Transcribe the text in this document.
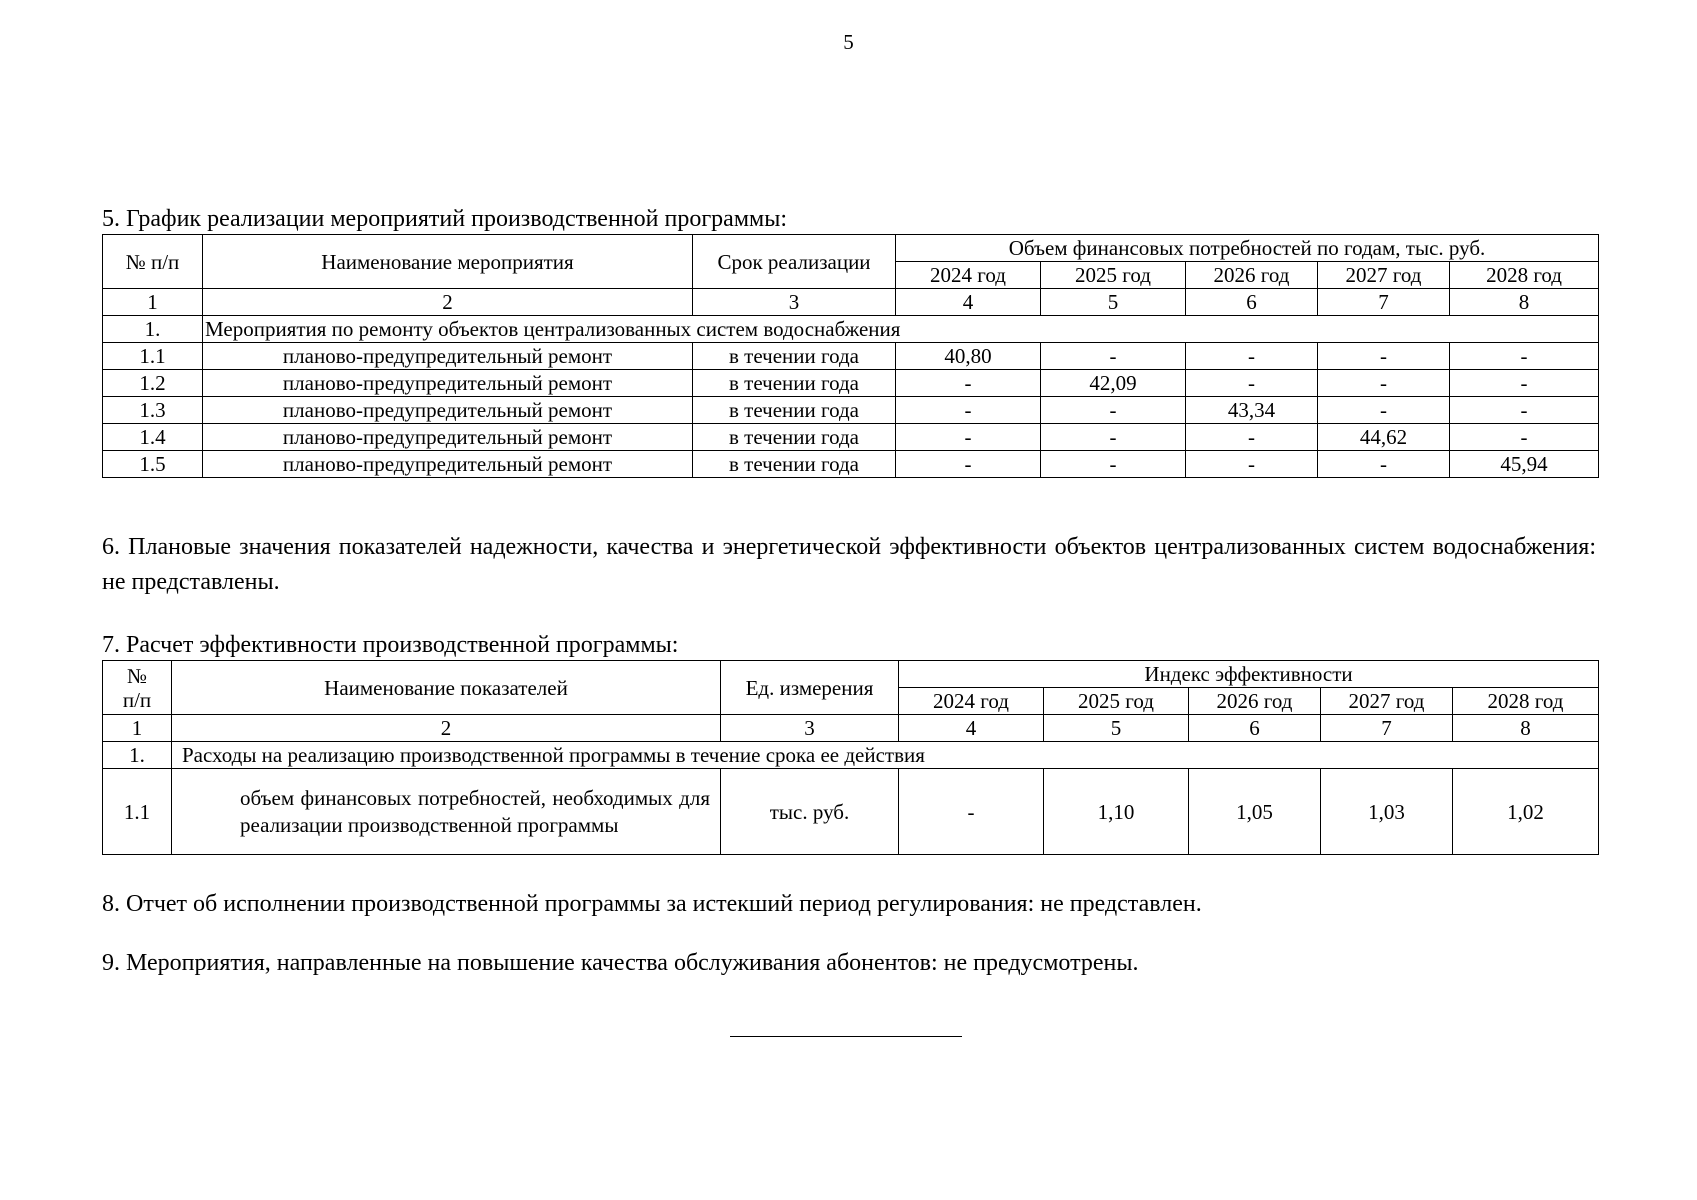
5
5. График реализации мероприятий производственной программы:
№ п/п	Наименование мероприятия	Срок реализации	Объем финансовых потребностей по годам, тыс. руб.				
			2024 год	2025 год	2026 год	2027 год	2028 год
1	2	3	4	5	6	7	8
1.	Мероприятия по ремонту объектов централизованных систем водоснабжения						
1.1	планово-предупредительный ремонт	в течении года	40,80	-	-	-	-
1.2	планово-предупредительный ремонт	в течении года	-	42,09	-	-	-
1.3	планово-предупредительный ремонт	в течении года	-	-	43,34	-	-
1.4	планово-предупредительный ремонт	в течении года	-	-	-	44,62	-
1.5	планово-предупредительный ремонт	в течении года	-	-	-	-	45,94
6. Плановые значения показателей надежности, качества и энергетической эффективности объектов централизованных систем водоснабжения: не представлены.
7. Расчет эффективности производственной программы:
№
п/п	Наименование показателей	Ед. измерения	Индекс эффективности				
			2024 год	2025 год	2026 год	2027 год	2028 год
1	2	3	4	5	6	7	8
1.	Расходы на реализацию производственной программы в течение срока ее действия						
1.1	объем финансовых потребностей, необходимых для реализации производственной программы	тыс. руб.	-	1,10	1,05	1,03	1,02
8. Отчет об исполнении производственной программы за истекший период регулирования: не представлен.
9. Мероприятия, направленные на повышение качества обслуживания абонентов: не предусмотрены.
